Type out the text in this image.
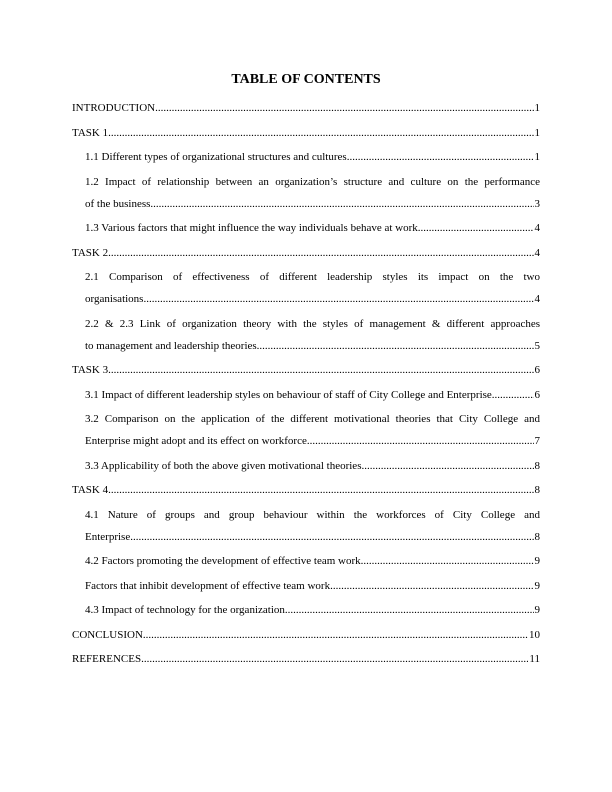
TABLE OF CONTENTS
INTRODUCTION .....	1
TASK 1 .....	1
1.1 Different types of organizational structures and cultures .....	1
1.2 Impact of relationship between an organization’s structure and culture on the performance
of the business .....	3
1.3 Various factors that might influence the way individuals behave at work .....	4
TASK 2 .....	4
2.1 Comparison of effectiveness of different leadership styles its impact on the two
organisations .....	4
2.2 & 2.3 Link of organization theory with the styles of management & different approaches
to management and leadership theories .....	5
TASK 3 .....	6
3.1 Impact of different leadership styles on behaviour of staff of City College and Enterprise. .....	6
3.2 Comparison on the application of the different motivational theories that City College and
Enterprise might adopt and its effect on workforce .....	7
3.3 Applicability of both the above given motivational theories .....	8
TASK 4 .....	8
4.1 Nature of groups and group behaviour within the workforces of City College and
Enterprise .....	8
4.2 Factors promoting the development of effective team work .....	9
Factors that inhibit development of effective team work .....	9
4.3 Impact of technology for the organization .....	9
CONCLUSION .....	10
REFERENCES .....	11
